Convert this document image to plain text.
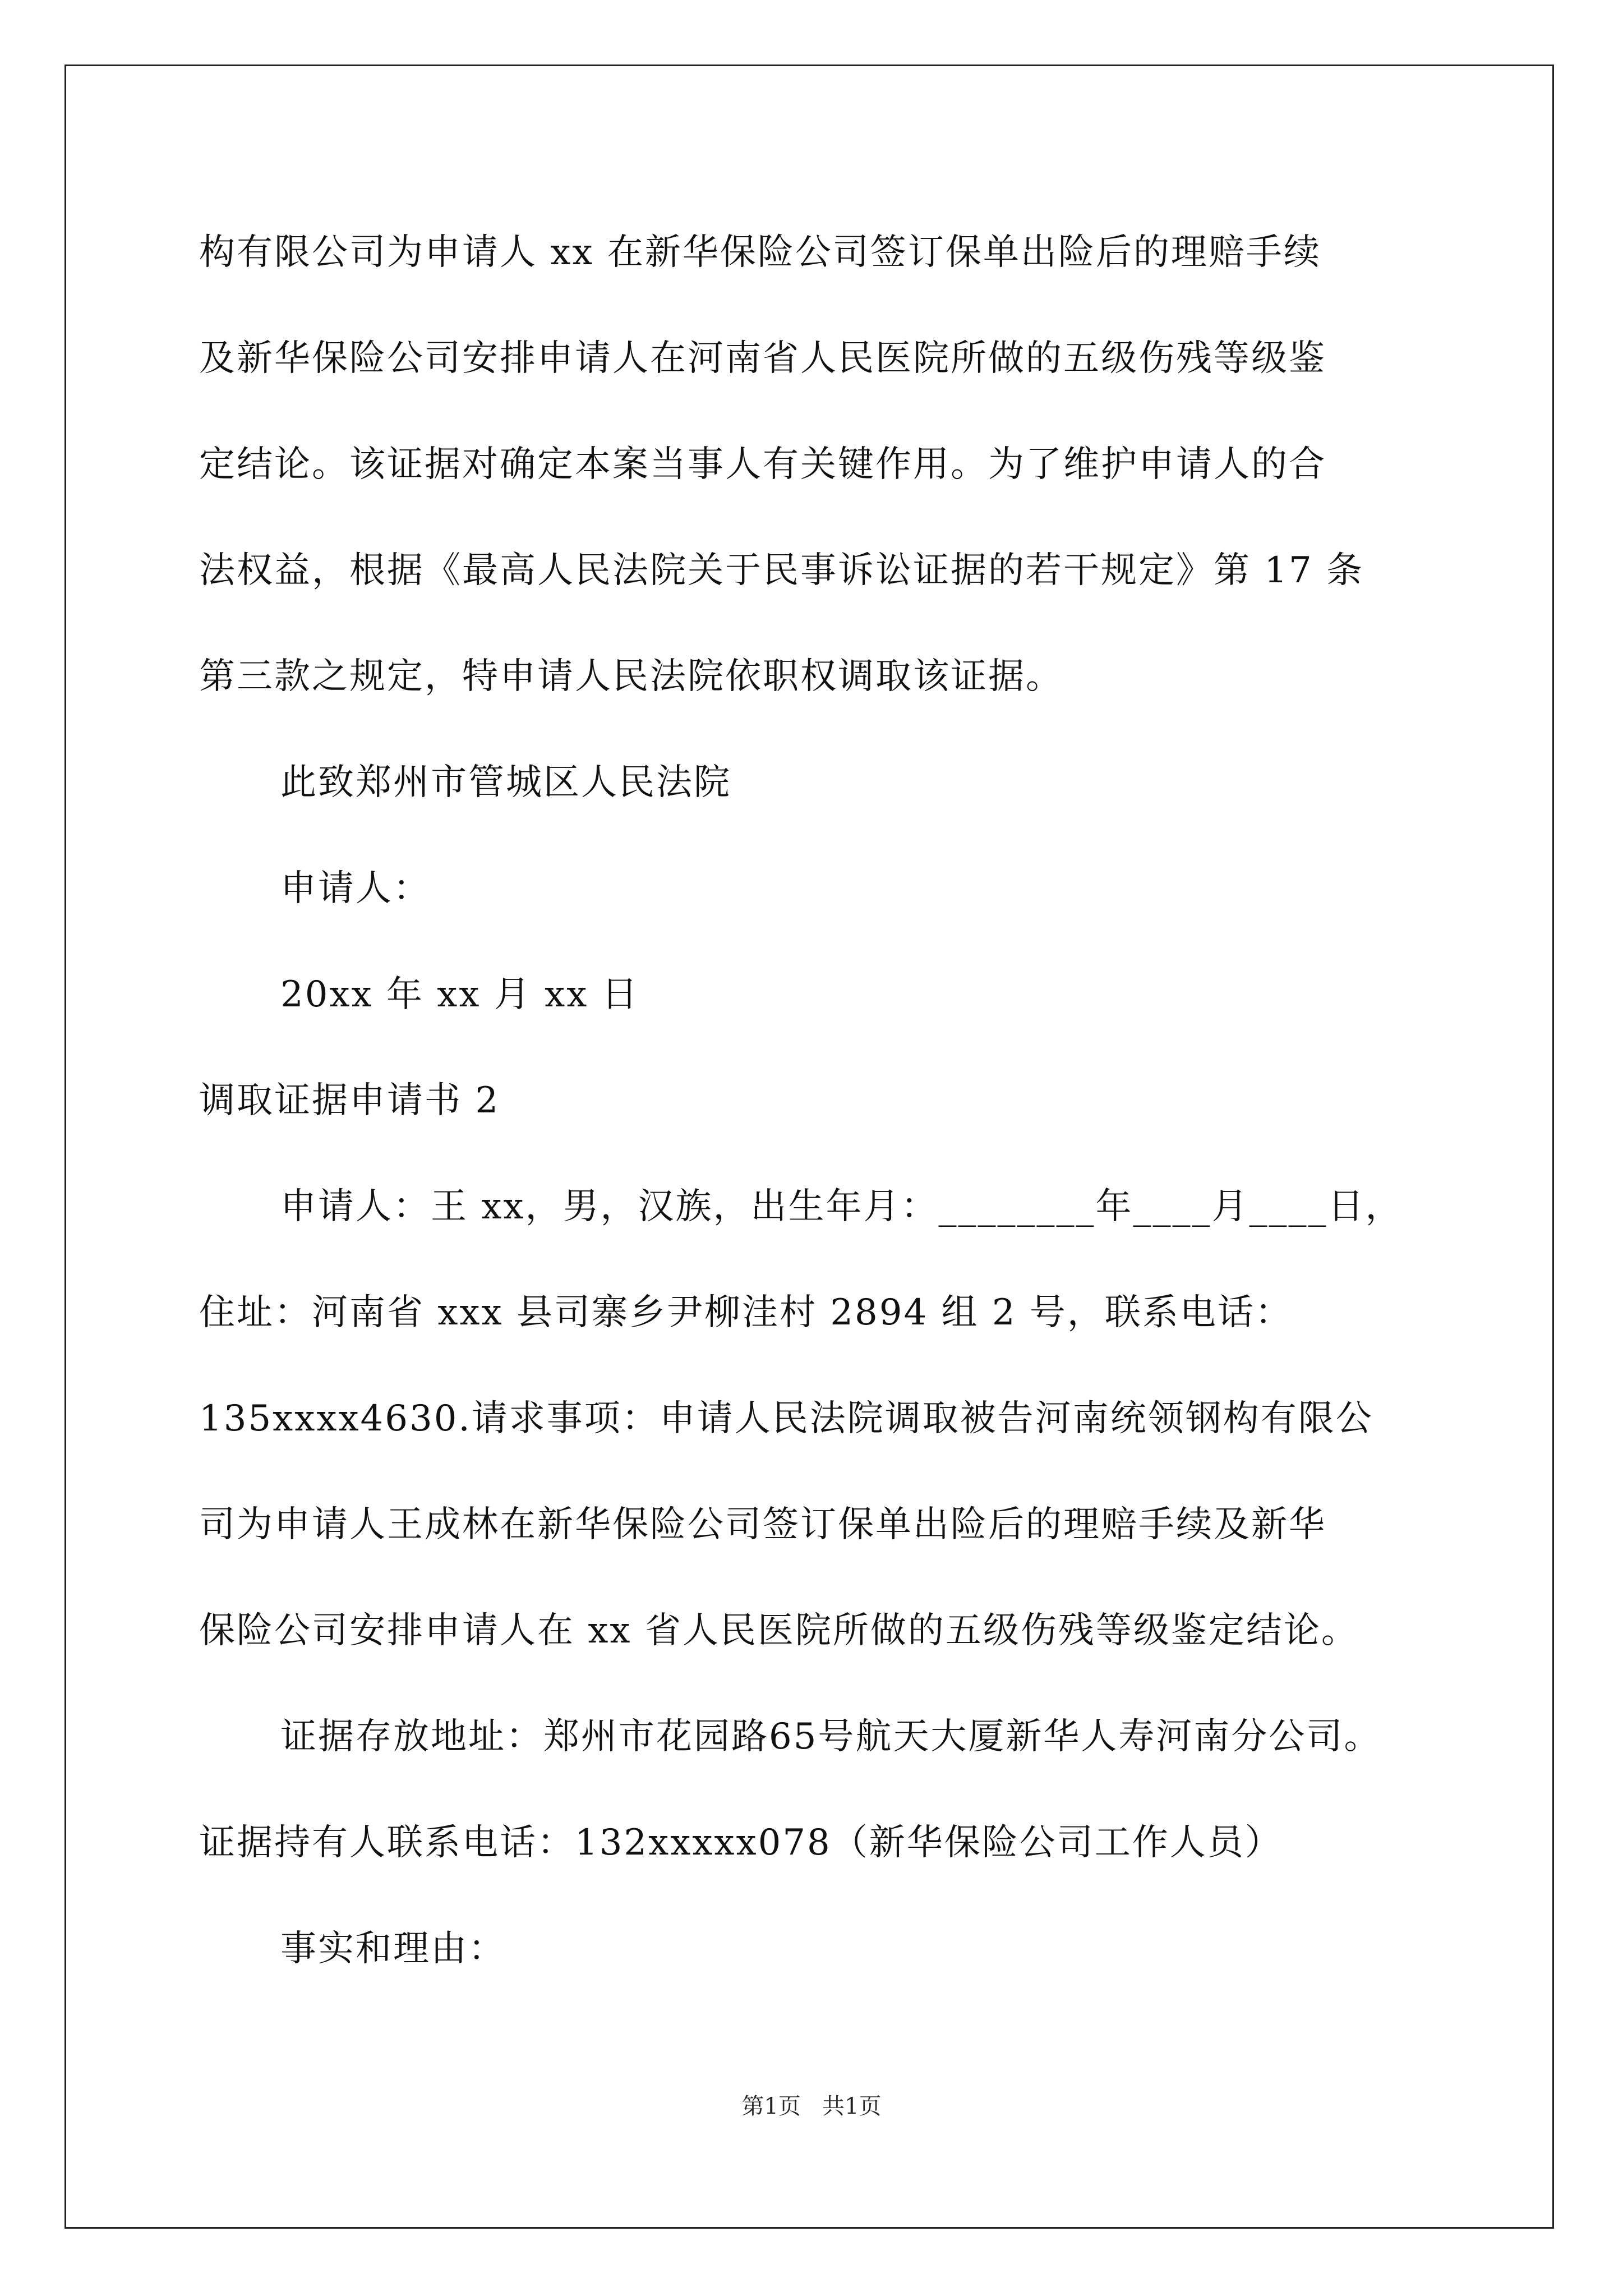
构有限公司为申请人 xx 在新华保险公司签订保单出险后的理赔手续
及新华保险公司安排申请人在河南省人民医院所做的五级伤残等级鉴
定结论。该证据对确定本案当事人有关键作用。为了维护申请人的合
法权益，根据《最高人民法院关于民事诉讼证据的若干规定》第 17 条
第三款之规定，特申请人民法院依职权调取该证据。
此致郑州市管城区人民法院
申请人：
20xx 年 xx 月 xx 日
调取证据申请书 2
申请人：王 xx，男，汉族，出生年月：________年____月____日，
住址：河南省 xxx 县司寨乡尹柳洼村 2894 组 2 号，联系电话：
135xxxx4630.请求事项：申请人民法院调取被告河南统领钢构有限公
司为申请人王成林在新华保险公司签订保单出险后的理赔手续及新华
保险公司安排申请人在 xx 省人民医院所做的五级伤残等级鉴定结论。
证据存放地址：郑州市花园路65号航天大厦新华人寿河南分公司。
证据持有人联系电话：132xxxxx078（新华保险公司工作人员）
事实和理由：
第1页   共1页
